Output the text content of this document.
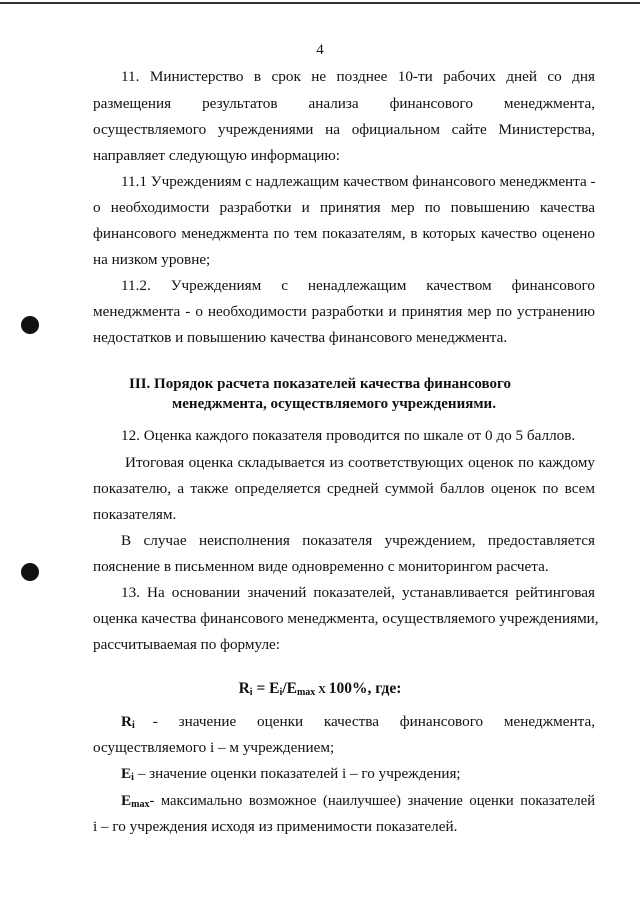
4
11. Министерство в срок не позднее 10-ти рабочих дней со дня
размещения результатов анализа финансового менеджмента,
осуществляемого учреждениями на официальном сайте Министерства,
направляет следующую информацию:
11.1 Учреждениям с надлежащим качеством финансового менеджмента -
о необходимости разработки и принятия мер по повышению качества
финансового менеджмента по тем показателям, в которых качество оценено
на низком уровне;
11.2. Учреждениям с ненадлежащим качеством финансового
менеджмента - о необходимости разработки и принятия мер по устранению
недостатков и повышению качества финансового менеджмента.
III. Порядок расчета показателей качества финансового
менеджмента, осуществляемого учреждениями.
12. Оценка каждого показателя проводится по шкале от 0 до 5 баллов.
Итоговая оценка складывается из соответствующих оценок по каждому
показателю, а также определяется средней суммой баллов оценок по всем
показателям.
В случае неисполнения показателя учреждением, предоставляется
пояснение в письменном виде одновременно с мониторингом расчета.
13. На основании значений показателей, устанавливается рейтинговая
оценка качества финансового менеджмента, осуществляемого учреждениями,
рассчитываемая по формуле:
$R_i = E_i/E_{max}$ X 100%, где:
$R_i$ - значение оценки качества финансового менеджмента,
осуществляемого i – м учреждением;
$E_i$ – значение оценки показателей i – го учреждения;
$E_{max}$ - максимально возможное (наилучшее) значение оценки показателей
i – го учреждения исходя из применимости показателей.
